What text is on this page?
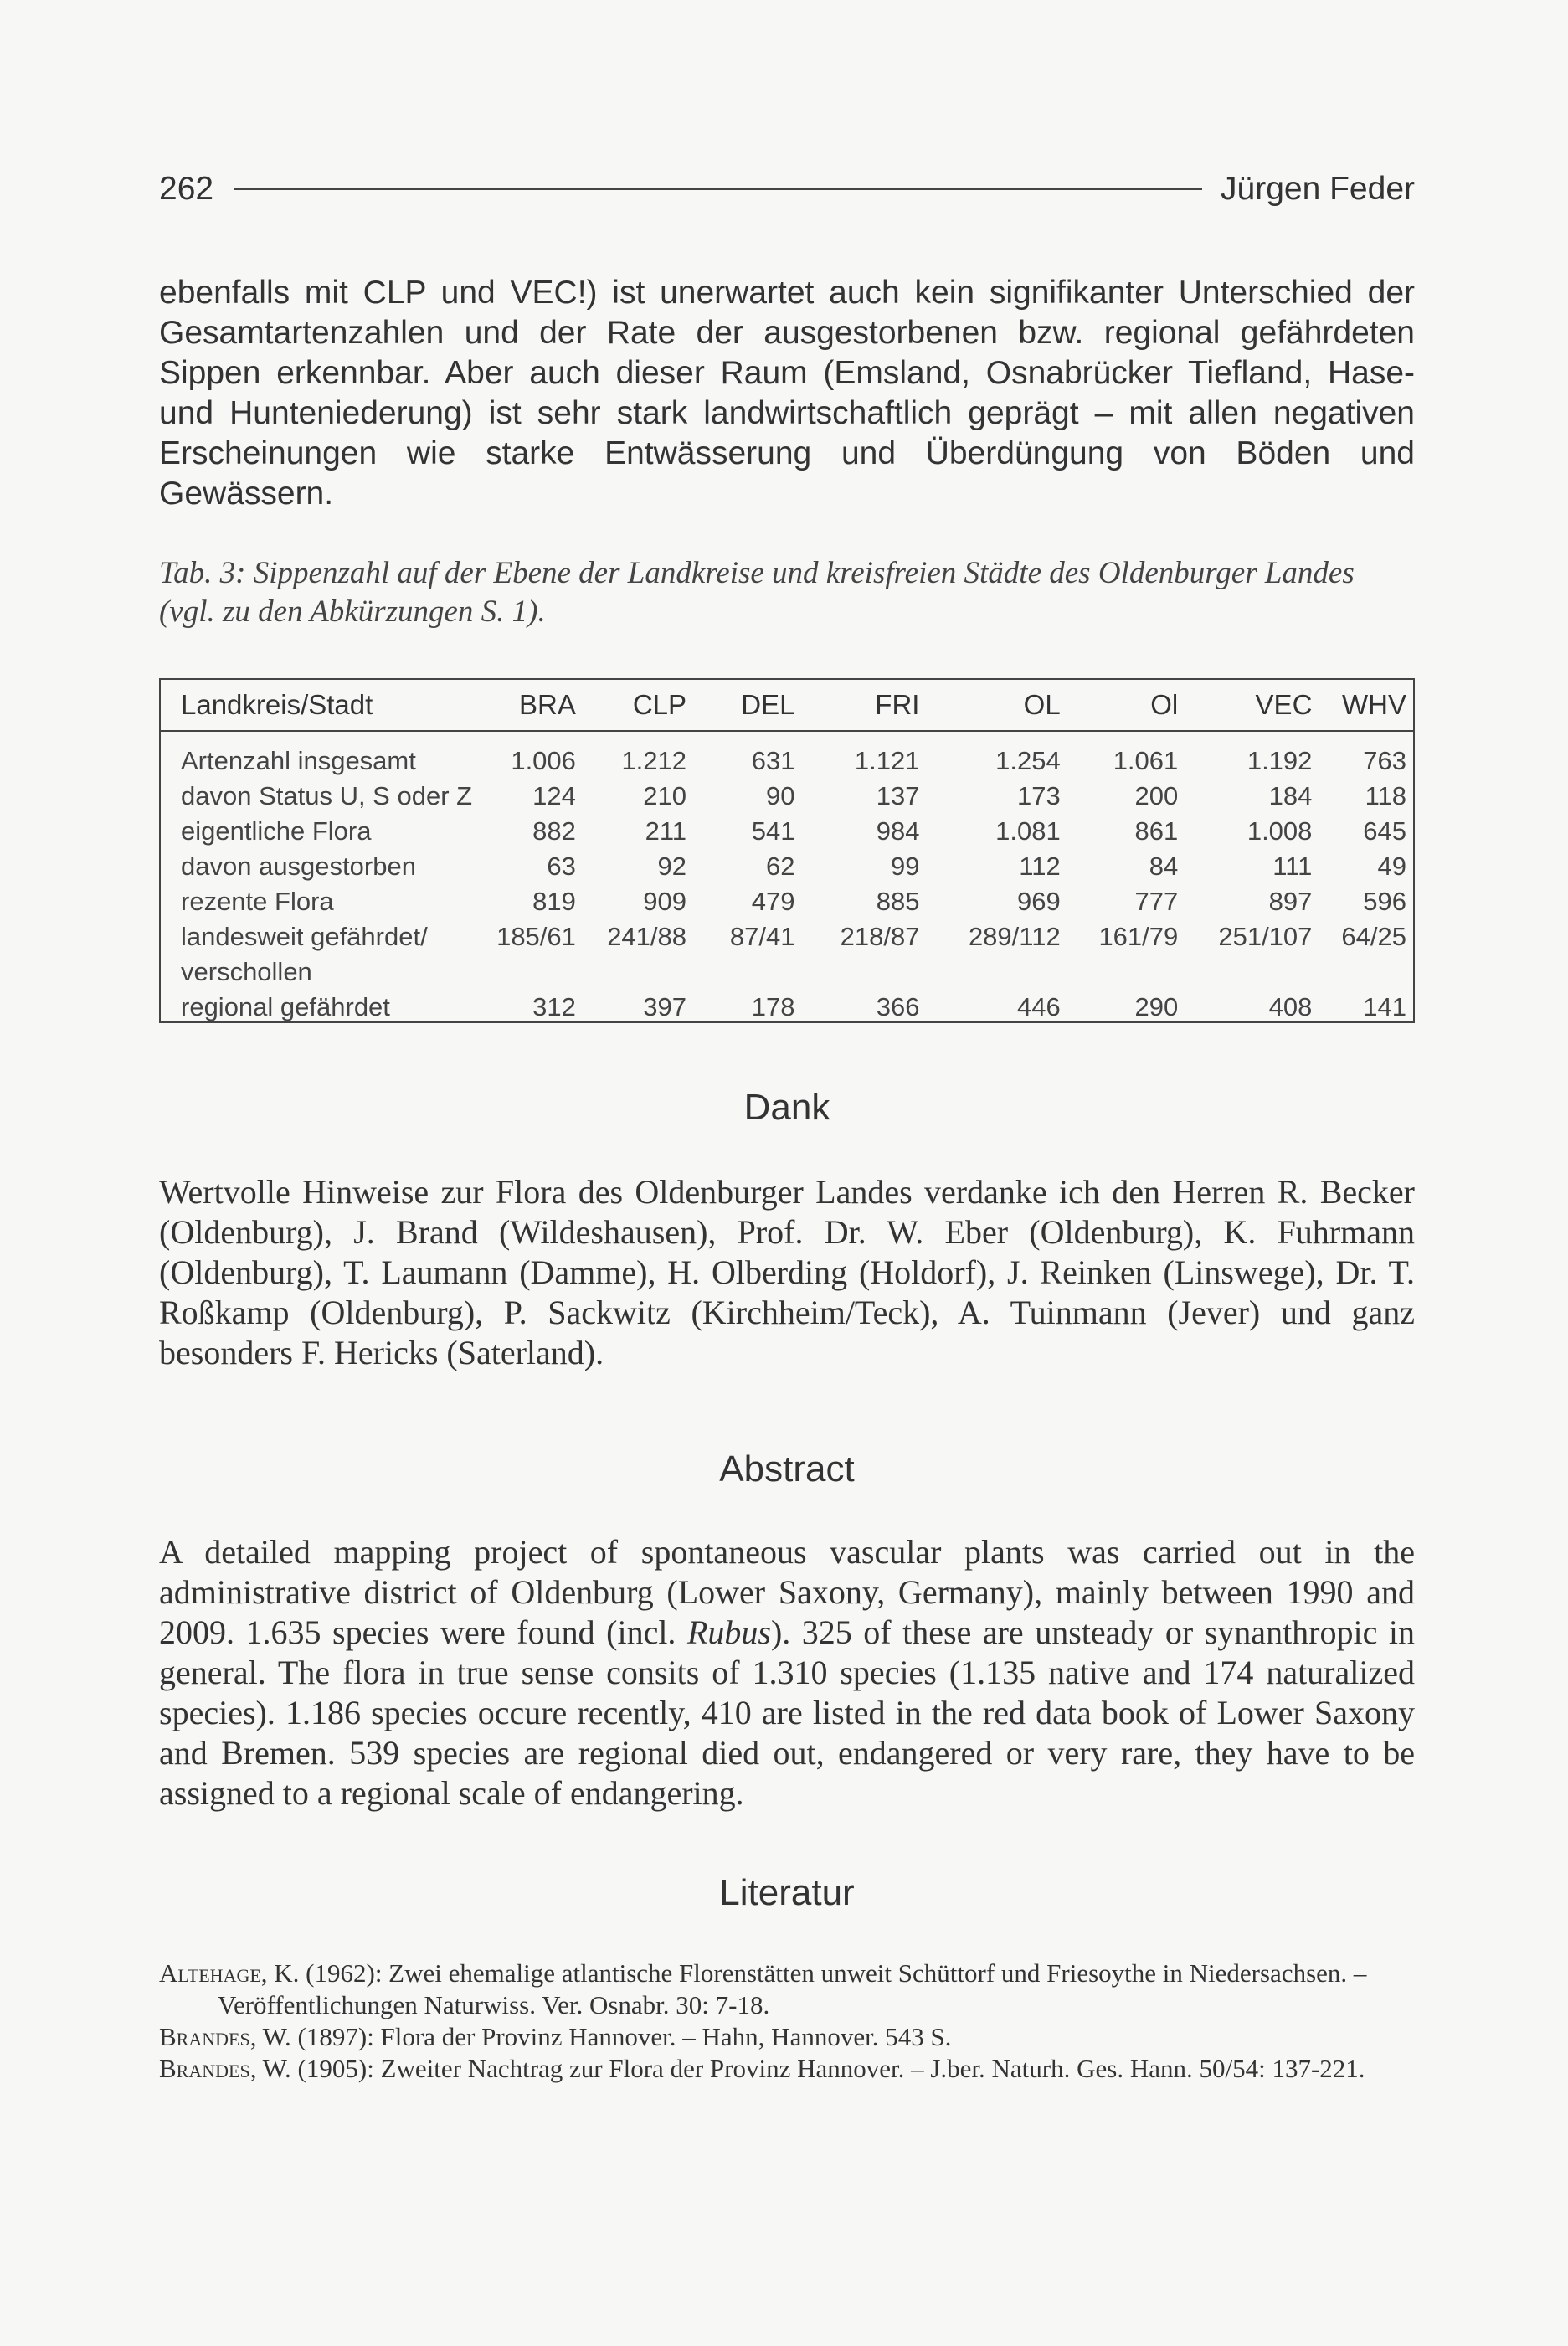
262	Jürgen Feder

ebenfalls mit CLP und VEC!) ist unerwartet auch kein signifikanter Unterschied der Gesamtartenzahlen und der Rate der ausgestorbenen bzw. regional gefährdeten Sippen erkennbar. Aber auch dieser Raum (Emsland, Osnabrücker Tiefland, Hase- und Hunteniederung) ist sehr stark landwirtschaftlich geprägt – mit allen negativen Erscheinungen wie starke Entwässerung und Überdüngung von Böden und Gewässern.

Tab. 3: Sippenzahl auf der Ebene der Landkreise und kreisfreien Städte des Oldenburger Landes (vgl. zu den Abkürzungen S. 1).
Landkreis/Stadt	BRA	CLP	DEL	FRI	OL	Ol	VEC	WHV
Artenzahl insgesamt	1.006	1.212	631	1.121	1.254	1.061	1.192	763
davon Status U, S oder Z	124	210	90	137	173	200	184	118
eigentliche Flora	882	211	541	984	1.081	861	1.008	645
davon ausgestorben	63	92	62	99	112	84	111	49
rezente Flora	819	909	479	885	969	777	897	596
landesweit gefährdet/ verschollen	185/61	241/88	87/41	218/87	289/112	161/79	251/107	64/25
regional gefährdet	312	397	178	366	446	290	408	141
Dank
Wertvolle Hinweise zur Flora des Oldenburger Landes verdanke ich den Herren R. Becker (Oldenburg), J. Brand (Wildeshausen), Prof. Dr. W. Eber (Oldenburg), K. Fuhrmann (Oldenburg), T. Laumann (Damme), H. Olberding (Holdorf), J. Reinken (Linswege), Dr. T. Roßkamp (Oldenburg), P. Sackwitz (Kirchheim/Teck), A. Tuinmann (Jever) und ganz besonders F. Hericks (Saterland).
Abstract
A detailed mapping project of spontaneous vascular plants was carried out in the administrative district of Oldenburg (Lower Saxony, Germany), mainly between 1990 and 2009. 1.635 species were found (incl. Rubus). 325 of these are unsteady or synanthropic in general. The flora in true sense consits of 1.310 species (1.135 native and 174 naturalized species). 1.186 species occure recently, 410 are listed in the red data book of Lower Saxony and Bremen. 539 species are regional died out, endangered or very rare, they have to be assigned to a regional scale of endangering.
Literatur

Altehage, K. (1962): Zwei ehemalige atlantische Florenstätten unweit Schüttorf und Friesoythe in Niedersachsen. – Veröffentlichungen Naturwiss. Ver. Osnabr. 30: 7-18.

Brandes, W. (1897): Flora der Provinz Hannover. – Hahn, Hannover. 543 S.

Brandes, W. (1905): Zweiter Nachtrag zur Flora der Provinz Hannover. – J.ber. Naturh. Ges. Hann. 50/54: 137-221.
